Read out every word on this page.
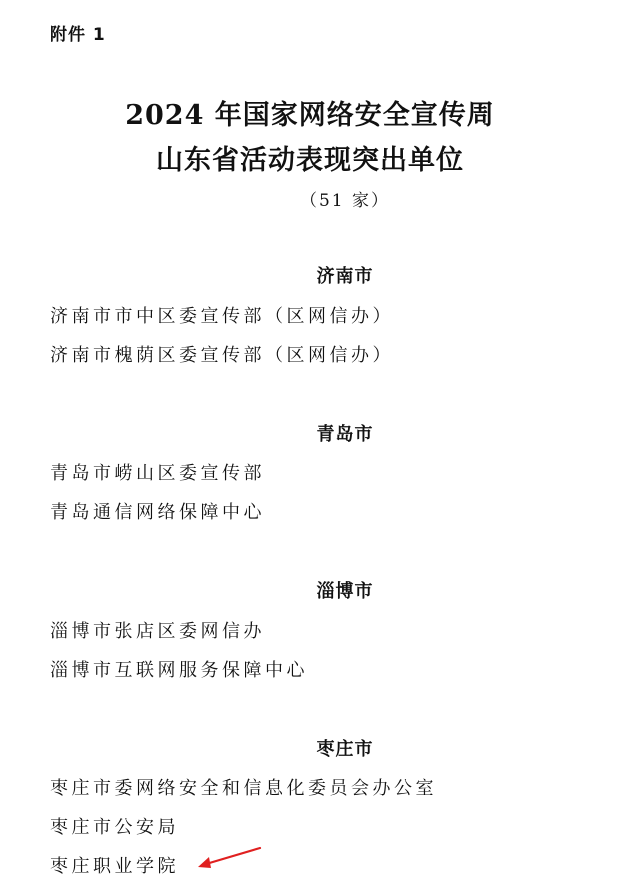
附件 1
2024 年国家网络安全宣传周
山东省活动表现突出单位
（51 家）
济南市
济南市市中区委宣传部（区网信办）
济南市槐荫区委宣传部（区网信办）
青岛市
青岛市崂山区委宣传部
青岛通信网络保障中心
淄博市
淄博市张店区委网信办
淄博市互联网服务保障中心
枣庄市
枣庄市委网络安全和信息化委员会办公室
枣庄市公安局
枣庄职业学院
